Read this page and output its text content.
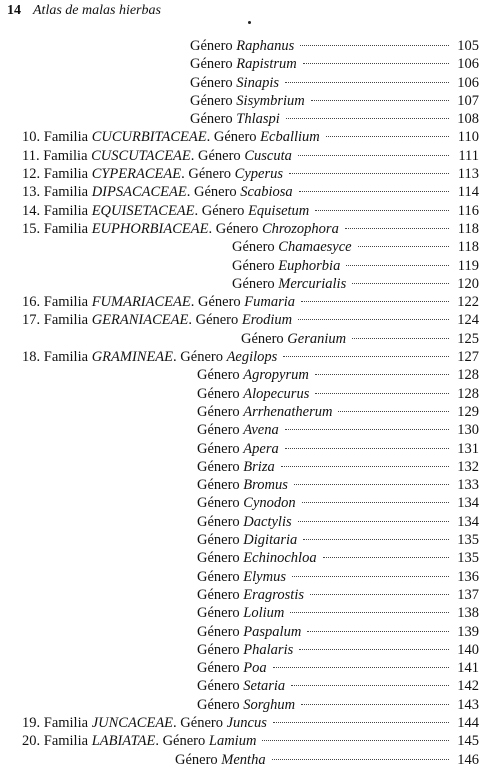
14 Atlas de malas hierbas
Género Raphanus	105
Género Rapistrum	106
Género Sinapis	106
Género Sisymbrium	107
Género Thlaspi	108
10. Familia CUCURBITACEAE. Género Ecballium	110
11. Familia CUSCUTACEAE. Género Cuscuta	111
12. Familia CYPERACEAE. Género Cyperus	113
13. Familia DIPSACACEAE. Género Scabiosa	114
14. Familia EQUISETACEAE. Género Equisetum	116
15. Familia EUPHORBIACEAE. Género Chrozophora	118
Género Chamaesyce	118
Género Euphorbia	119
Género Mercurialis	120
16. Familia FUMARIACEAE. Género Fumaria	122
17. Familia GERANIACEAE. Género Erodium	124
Género Geranium	125
18. Familia GRAMINEAE. Género Aegilops	127
Género Agropyrum	128
Género Alopecurus	128
Género Arrhenatherum	129
Género Avena	130
Género Apera	131
Género Briza	132
Género Bromus	133
Género Cynodon	134
Género Dactylis	134
Género Digitaria	135
Género Echinochloa	135
Género Elymus	136
Género Eragrostis	137
Género Lolium	138
Género Paspalum	139
Género Phalaris	140
Género Poa	141
Género Setaria	142
Género Sorghum	143
19. Familia JUNCACEAE. Género Juncus	144
20. Familia LABIATAE. Género Lamium	145
Género Mentha	146
